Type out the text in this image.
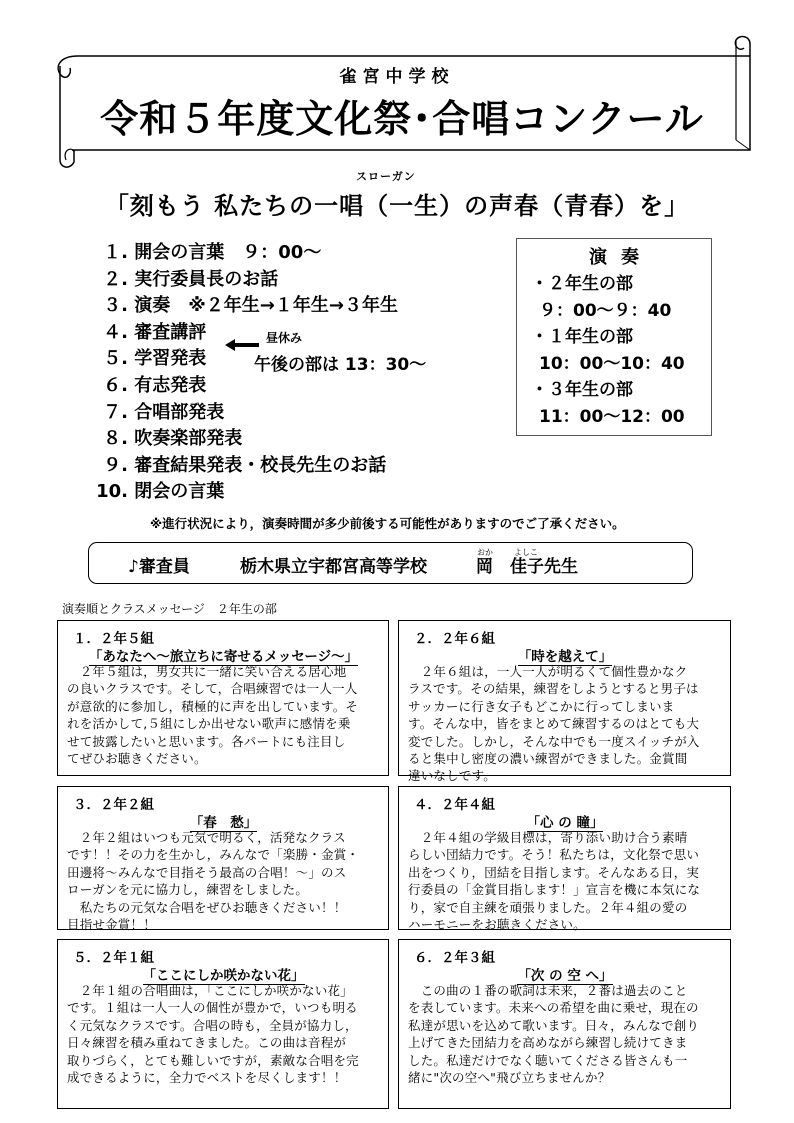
雀宮中学校
令和５年度文化祭･合唱コンクール
スローガン
「刻もう 私たちの一唱（一生）の声春（青春）を」
１. 開会の言葉　９：00～
２. 実行委員長のお話
３. 演奏　※２年生→１年生→３年生
４. 審査講評
５. 学習発表
６. 有志発表
７. 合唱部発表
８. 吹奏楽部発表
９. 審査結果発表・校長先生のお話
10. 閉会の言葉
昼休み
午後の部は 13：30～
演奏
・２年生の部
９：00～９：40
・１年生の部
10：00～10：40
・３年生の部
11：00～12：00
※進行状況により，演奏時間が多少前後する可能性がありますのでご了承ください。
♪審査員	栃木県立宇都宮高等学校
おか
岡
よしこ
佳子先生
演奏順とクラスメッセージ　２年生の部
１．２年５組
「あなたへ～旅立ちに寄せるメッセージ～」

　２年５組は，男女共に一緒に笑い合える居心地

の良いクラスです。そして，合唱練習では一人一人

が意欲的に参加し，積極的に声を出しています。そ

れを活かして,５組にしか出せない歌声に感情を乗

せて披露したいと思います。各パートにも注目し

てぜひお聴きください。

２．２年６組
「時を越えて」

　２年６組は，一人一人が明るくて個性豊かなク

ラスです。その結果，練習をしようとすると男子は

サッカーに行き女子もどこかに行ってしまいま

す。そんな中，皆をまとめて練習するのはとても大

変でした。しかし，そんな中でも一度スイッチが入

ると集中し密度の濃い練習ができました。金賞間

違いなしです。

３．２年２組
「春　愁」

　２年２組はいつも元気で明るく，活発なクラス

です！！その力を生かし，みんなで「楽勝・金賞・

田邊将～みんなで目指そう最高の合唱！～」のス

ローガンを元に協力し，練習をしました。

　私たちの元気な合唱をぜひお聴きください！！

目指せ金賞！！

４．２年４組
「心 の 瞳」

　２年４組の学級目標は，寄り添い助け合う素晴

らしい団結力です。そう！私たちは，文化祭で思い

出をつくり，団結を目指します。そんなある日，実

行委員の「金賞目指します！」宣言を機に本気にな

り，家で自主練を頑張りました。２年４組の愛の

ハーモニーをお聴きください。

５．２年１組
「ここにしか咲かない花」

　２年１組の合唱曲は，「ここにしか咲かない花」

です。１組は一人一人の個性が豊かで，いつも明る

く元気なクラスです。合唱の時も，全員が協力し，

日々練習を積み重ねてきました。この曲は音程が

取りづらく，とても難しいですが，素敵な合唱を完

成できるように，全力でベストを尽くします！！

６．２年３組
「次 の 空 へ」

　この曲の１番の歌詞は未来，２番は過去のこと

を表しています。未来への希望を曲に乗せ，現在の

私達が思いを込めて歌います。日々，みんなで創り

上げてきた団結力を高めながら練習し続けてきま

した。私達だけでなく聴いてくださる皆さんも一

緒に"次の空へ"飛び立ちませんか？
